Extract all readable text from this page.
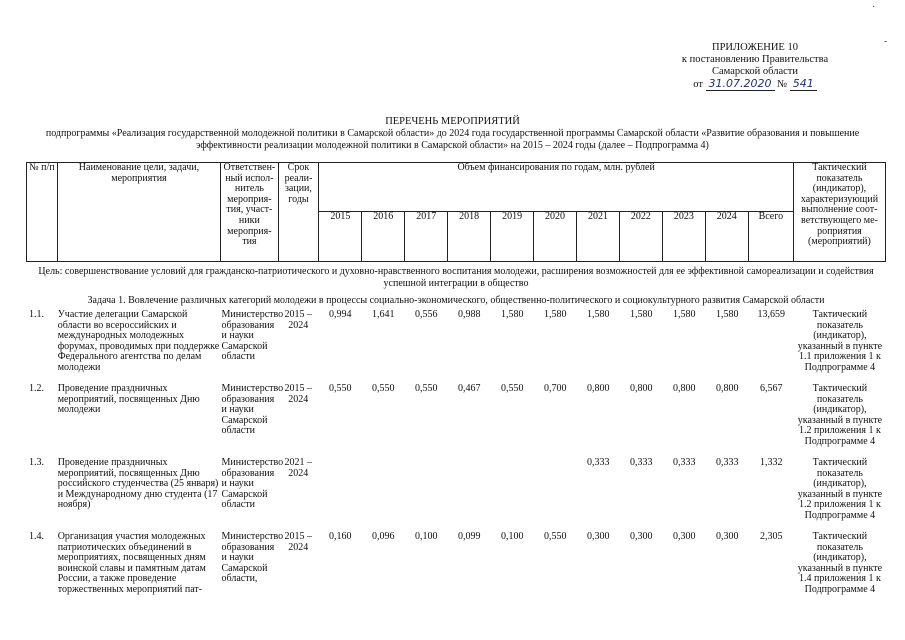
ПРИЛОЖЕНИЕ 10
к постановлению Правительства
Самарской области
от 31.07.2020 № 541
·
-
ПЕРЕЧЕНЬ МЕРОПРИЯТИЙ
подпрограммы «Реализация государственной молодежной политики в Самарской области» до 2024 года государственной программы Самарской области «Развитие образования и повышение эффективности реализации молодежной политики в Самарской области» на 2015 – 2024 годы (далее – Подпрограмма 4)
№ п/п	Наименование цели, задачи, мероприятия	Ответствен-ный испол-нитель мероприя-тия, участ-ники мероприя-тия	Срок реали-зации, годы	Объем финансирования по годам, млн. рублей											Тактический показатель (индикатор), характеризующий выполнение соот-ветствующего ме-роприятия (мероприятий)
				2015	2016	2017	2018	2019	2020	2021	2022	2023	2024	Всего	
Цель: совершенствование условий для гражданско-патриотического и духовно-нравственного воспитания молодежи, расширения возможностей для ее эффективной самореализации и содействия успешной интеграции в общество
Задача 1. Вовлечение различных категорий молодежи в процессы социально-экономического, общественно-политического и социокультурного развития Самарской области
1.1.	Участие делегации Самарской области во всероссийских и международных молодежных форумах, проводимых при поддержке Федерального агентства по делам молодежи	Министерство образования и науки Самарской области	2015 – 2024	0,994	1,641	0,556	0,988	1,580	1,580	1,580	1,580	1,580	1,580	13,659	Тактический показатель (индикатор), указанный в пункте 1.1 приложения 1 к Подпрограмме 4
1.2.	Проведение праздничных мероприятий, посвященных Дню молодежи	Министерство образования и науки Самарской области	2015 – 2024	0,550	0,550	0,550	0,467	0,550	0,700	0,800	0,800	0,800	0,800	6,567	Тактический показатель (индикатор), указанный в пункте 1.2 приложения 1 к Подпрограмме 4
1.3.	Проведение праздничных мероприятий, посвященных Дню российского студенчества (25 января) и Международному дню студента (17 ноября)	Министерство образования и науки Самарской области	2021 – 2024							0,333	0,333	0,333	0,333	1,332	Тактический показатель (индикатор), указанный в пункте 1.2 приложения 1 к Подпрограмме 4
1.4.	Организация участия молодежных патриотических объединений в мероприятиях, посвященных дням воинской славы и памятным датам России, а также проведение торжественных мероприятий пат-	Министерство образования и науки Самарской области,	2015 – 2024	0,160	0,096	0,100	0,099	0,100	0,550	0,300	0,300	0,300	0,300	2,305	Тактический показатель (индикатор), указанный в пункте 1.4 приложения 1 к Подпрограмме 4
